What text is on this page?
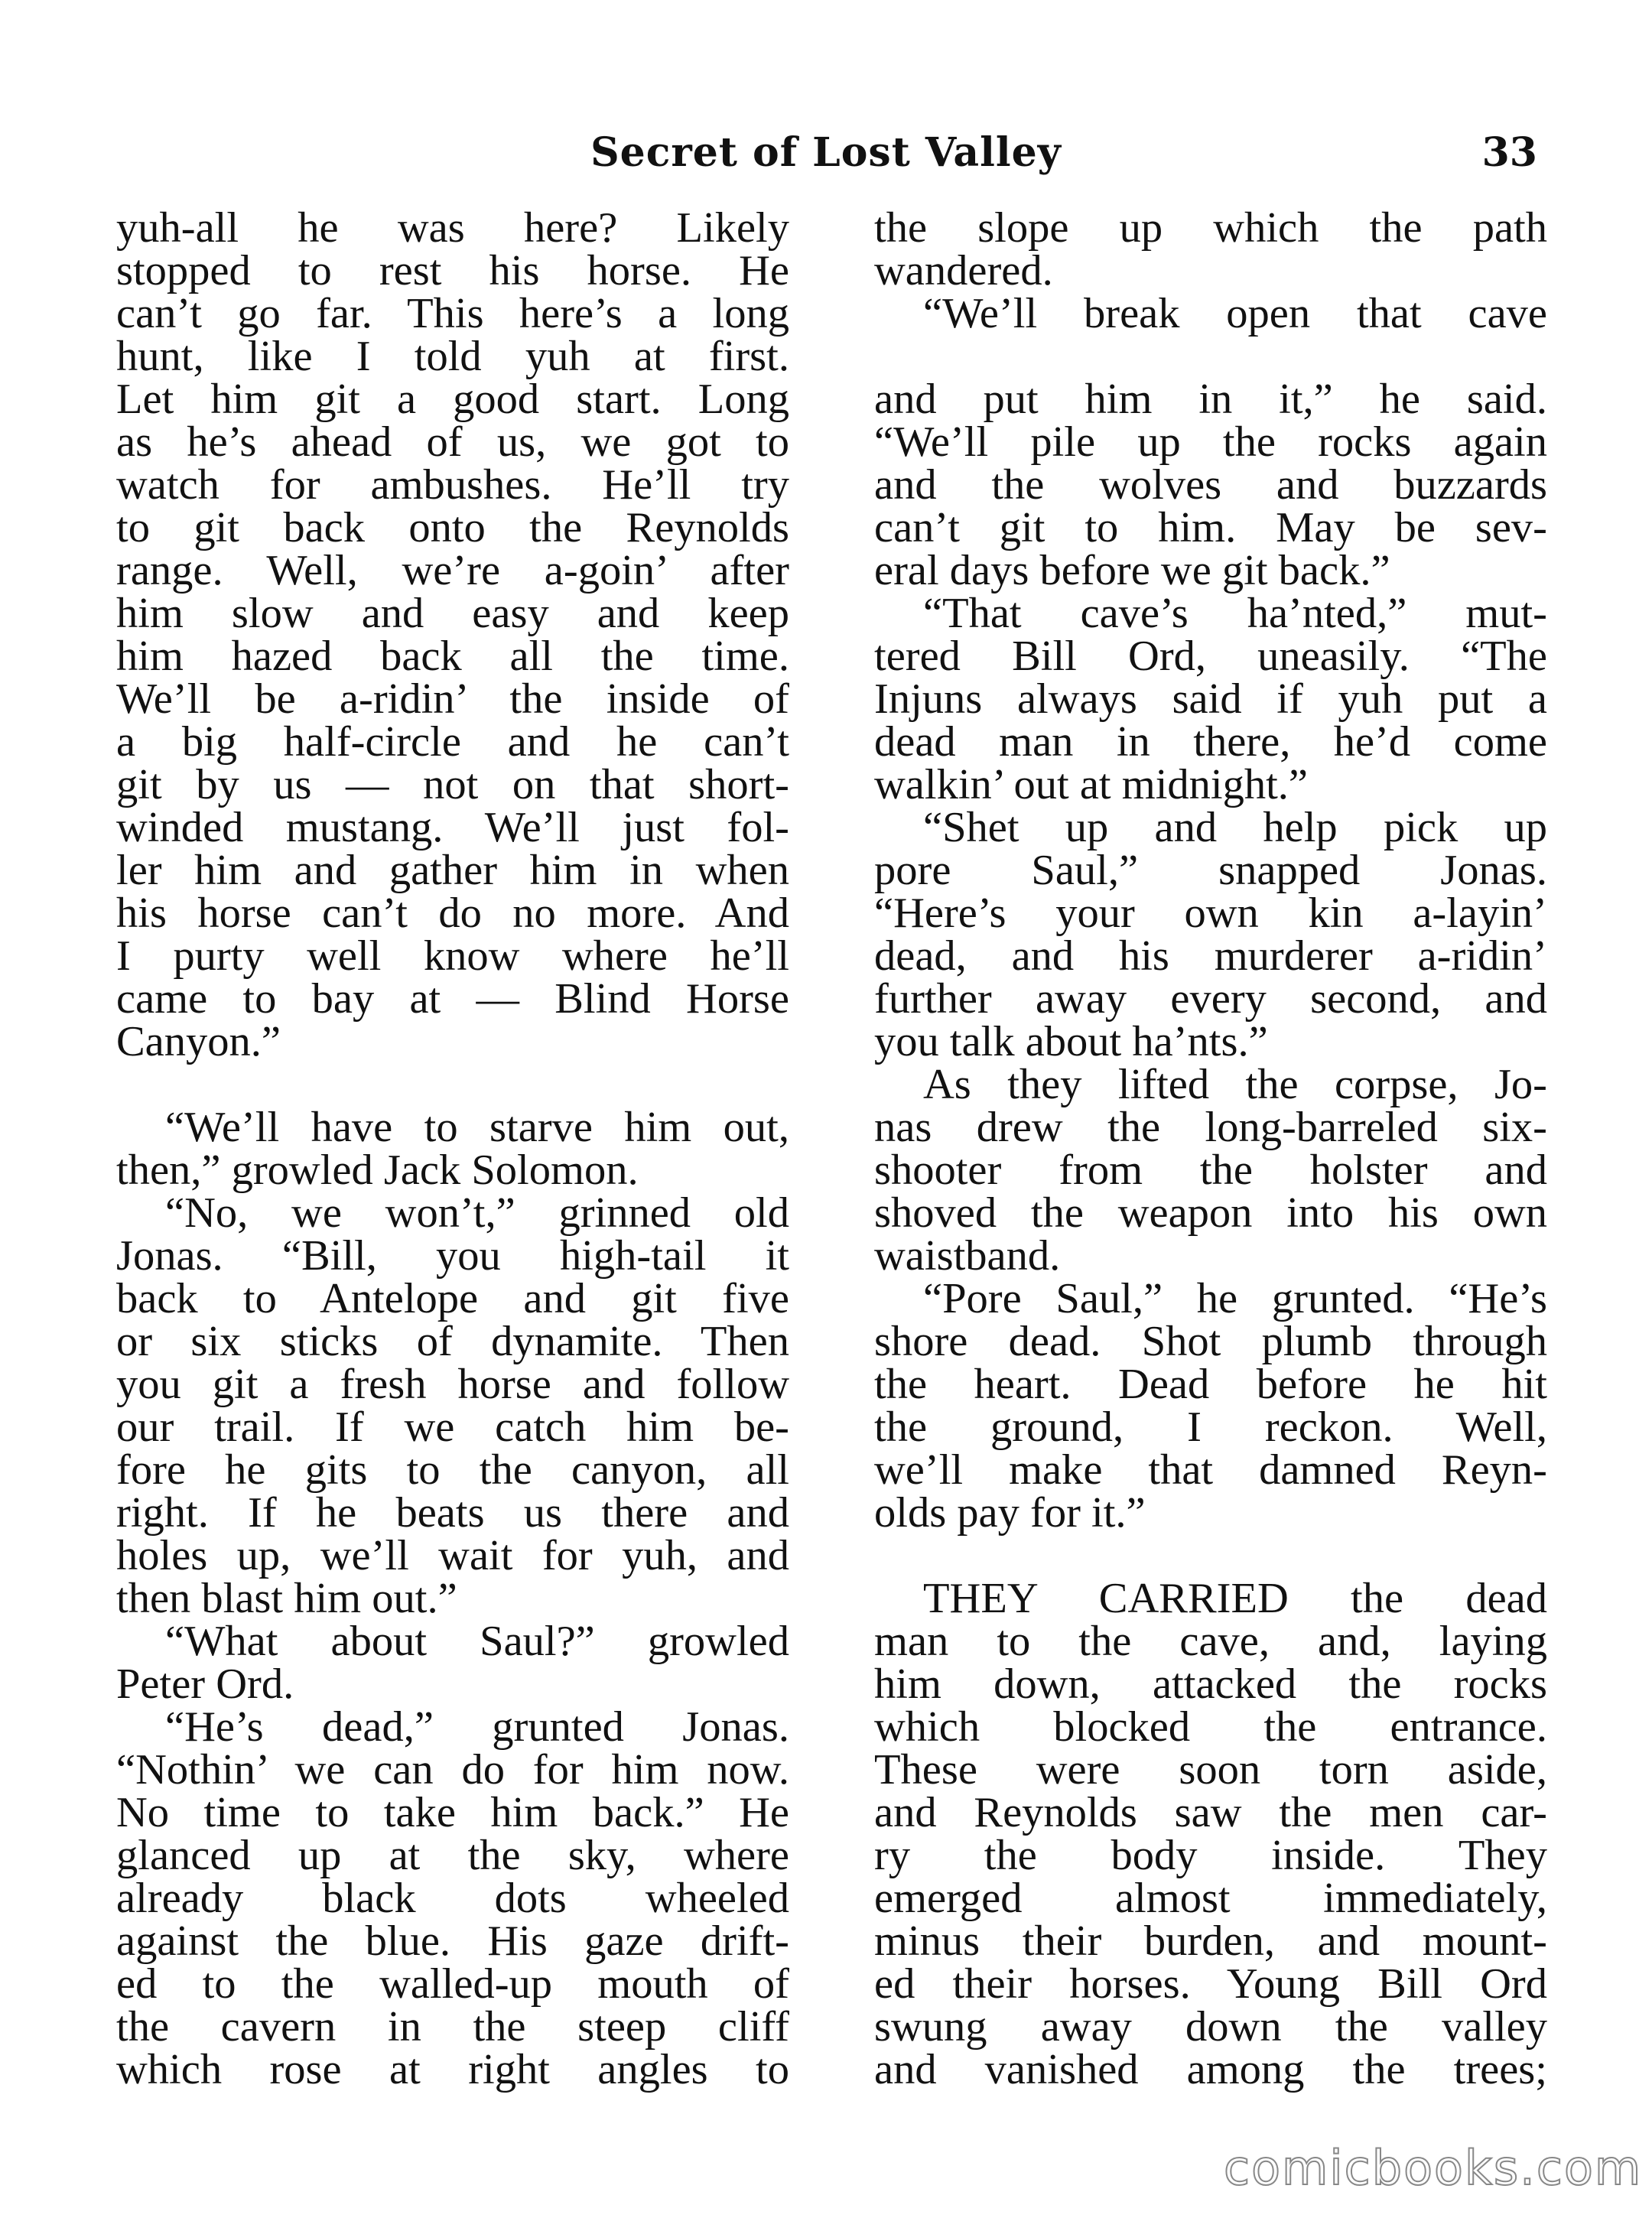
Secret of Lost Valley	33
yuh-all he was here? Likely
stopped to rest his horse. He
can’t go far. This here’s a long
hunt, like I told yuh at first.
Let him git a good start. Long
as he’s ahead of us, we got to
watch for ambushes. He’ll try
to git back onto the Reynolds
range. Well, we’re a-goin’ after
him slow and easy and keep
him hazed back all the time.
We’ll be a-ridin’ the inside of
a big half-circle and he can’t
git by us — not on that short-
winded mustang. We’ll just fol-
ler him and gather him in when
his horse can’t do no more. And
I purty well know where he’ll
came to bay at — Blind Horse
Canyon.”
“We’ll have to starve him out,
then,” growled Jack Solomon.
“No, we won’t,” grinned old
Jonas. “Bill, you high-tail it
back to Antelope and git five
or six sticks of dynamite. Then
you git a fresh horse and follow
our trail. If we catch him be-
fore he gits to the canyon, all
right. If he beats us there and
holes up, we’ll wait for yuh, and
then blast him out.”
“What about Saul?” growled
Peter Ord.
“He’s dead,” grunted Jonas.
“Nothin’ we can do for him now.
No time to take him back.” He
glanced up at the sky, where
already black dots wheeled
against the blue. His gaze drift-
ed to the walled-up mouth of
the cavern in the steep cliff
which rose at right angles to
the slope up which the path
wandered.
“We’ll break open that cave
and put him in it,” he said.
“We’ll pile up the rocks again
and the wolves and buzzards
can’t git to him. May be sev-
eral days before we git back.”
“That cave’s ha’nted,” mut-
tered Bill Ord, uneasily. “The
Injuns always said if yuh put a
dead man in there, he’d come
walkin’ out at midnight.”
“Shet up and help pick up
pore Saul,” snapped Jonas.
“Here’s your own kin a-layin’
dead, and his murderer a-ridin’
further away every second, and
you talk about ha’nts.”
As they lifted the corpse, Jo-
nas drew the long-barreled six-
shooter from the holster and
shoved the weapon into his own
waistband.
“Pore Saul,” he grunted. “He’s
shore dead. Shot plumb through
the heart. Dead before he hit
the ground, I reckon. Well,
we’ll make that damned Reyn-
olds pay for it.”
THEY CARRIED the dead
man to the cave, and, laying
him down, attacked the rocks
which blocked the entrance.
These were soon torn aside,
and Reynolds saw the men car-
ry the body inside. They
emerged almost immediately,
minus their burden, and mount-
ed their horses. Young Bill Ord
swung away down the valley
and vanished among the trees;
comicbooks.com
